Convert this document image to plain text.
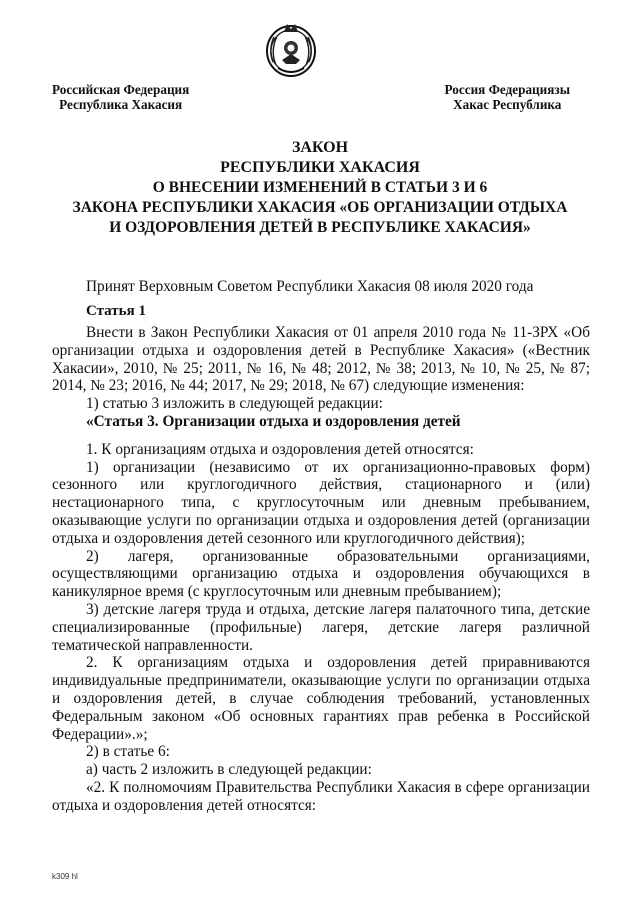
Российская Федерация
Республика Хакасия
Россия Федерациязы
Хакас Республика
ЗАКОН
РЕСПУБЛИКИ ХАКАСИЯ
О ВНЕСЕНИИ ИЗМЕНЕНИЙ В СТАТЬИ 3 И 6
ЗАКОНА РЕСПУБЛИКИ ХАКАСИЯ «ОБ ОРГАНИЗАЦИИ ОТДЫХА
И ОЗДОРОВЛЕНИЯ ДЕТЕЙ В РЕСПУБЛИКЕ ХАКАСИЯ»
Принят Верховным Советом Республики Хакасия 08 июля 2020 года
Статья 1

Внести в Закон Республики Хакасия от 01 апреля 2010 года № 11-ЗРХ «Об организации отдыха и оздоровления детей в Республике Хакасия» («Вестник Хакасии», 2010, № 25; 2011, № 16, № 48; 2012, № 38; 2013, № 10, № 25, № 87; 2014, № 23; 2016, № 44; 2017, № 29; 2018, № 67) следующие изменения:

1) статью 3 изложить в следующей редакции:

«Статья 3. Организации отдыха и оздоровления детей

1. К организациям отдыха и оздоровления детей относятся:

1) организации (независимо от их организационно-правовых форм) сезонного или круглогодичного действия, стационарного и (или) нестационарного типа, с круглосуточным или дневным пребыванием, оказывающие услуги по организации отдыха и оздоровления детей (организации отдыха и оздоровления детей сезонного или круглогодичного действия);

2) лагеря, организованные образовательными организациями, осуществляющими организацию отдыха и оздоровления обучающихся в каникулярное время (с круглосуточным или дневным пребыванием);

3) детские лагеря труда и отдыха, детские лагеря палаточного типа, детские специализированные (профильные) лагеря, детские лагеря различной тематической направленности.

2. К организациям отдыха и оздоровления детей приравниваются индивидуальные предприниматели, оказывающие услуги по организации отдыха и оздоровления детей, в случае соблюдения требований, установленных Федеральным законом «Об основных гарантиях прав ребенка в Российской Федерации».»;

2) в статье 6:

а) часть 2 изложить в следующей редакции:

«2. К полномочиям Правительства Республики Хакасия в сфере организации отдыха и оздоровления детей относятся:

k309 hl
